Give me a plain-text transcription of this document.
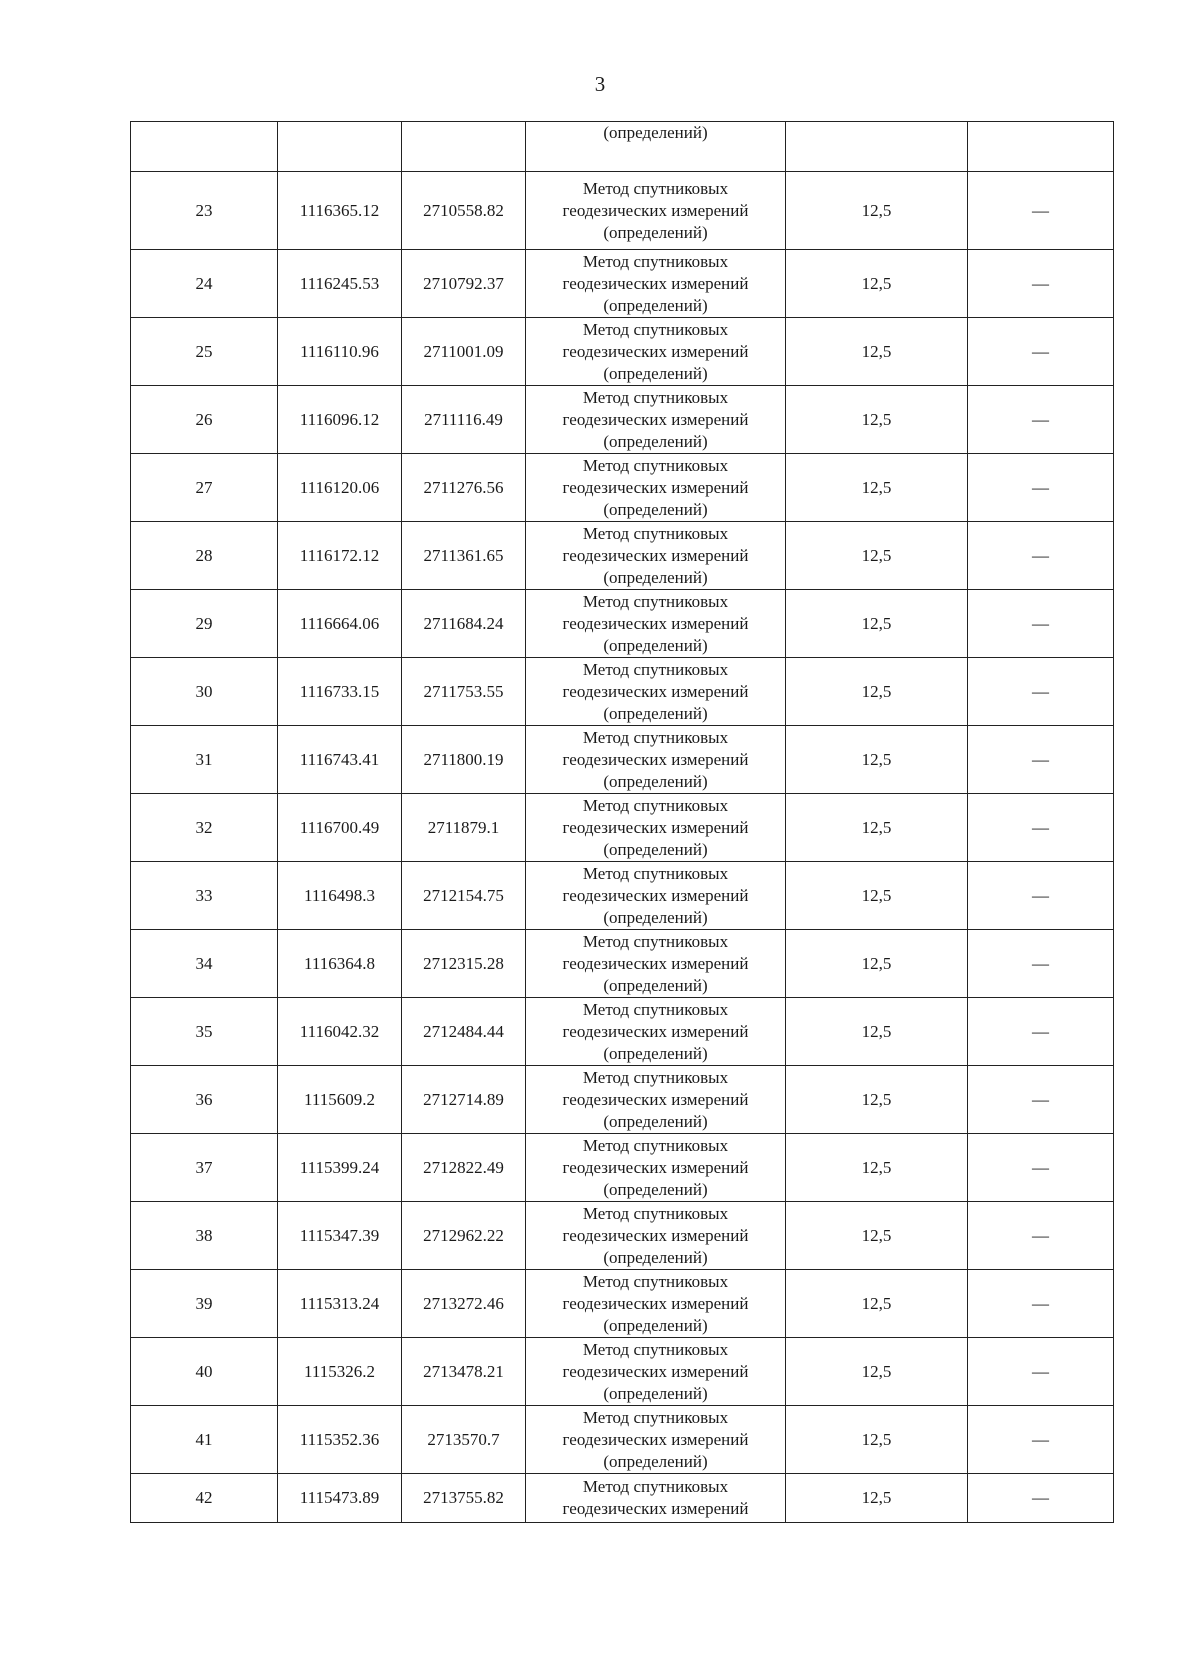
3
			(определений)		
23	1116365.12	2710558.82	Метод спутниковых
геодезических измерений
(определений)	12,5	—
24	1116245.53	2710792.37	Метод спутниковых
геодезических измерений
(определений)	12,5	—
25	1116110.96	2711001.09	Метод спутниковых
геодезических измерений
(определений)	12,5	—
26	1116096.12	2711116.49	Метод спутниковых
геодезических измерений
(определений)	12,5	—
27	1116120.06	2711276.56	Метод спутниковых
геодезических измерений
(определений)	12,5	—
28	1116172.12	2711361.65	Метод спутниковых
геодезических измерений
(определений)	12,5	—
29	1116664.06	2711684.24	Метод спутниковых
геодезических измерений
(определений)	12,5	—
30	1116733.15	2711753.55	Метод спутниковых
геодезических измерений
(определений)	12,5	—
31	1116743.41	2711800.19	Метод спутниковых
геодезических измерений
(определений)	12,5	—
32	1116700.49	2711879.1	Метод спутниковых
геодезических измерений
(определений)	12,5	—
33	1116498.3	2712154.75	Метод спутниковых
геодезических измерений
(определений)	12,5	—
34	1116364.8	2712315.28	Метод спутниковых
геодезических измерений
(определений)	12,5	—
35	1116042.32	2712484.44	Метод спутниковых
геодезических измерений
(определений)	12,5	—
36	1115609.2	2712714.89	Метод спутниковых
геодезических измерений
(определений)	12,5	—
37	1115399.24	2712822.49	Метод спутниковых
геодезических измерений
(определений)	12,5	—
38	1115347.39	2712962.22	Метод спутниковых
геодезических измерений
(определений)	12,5	—
39	1115313.24	2713272.46	Метод спутниковых
геодезических измерений
(определений)	12,5	—
40	1115326.2	2713478.21	Метод спутниковых
геодезических измерений
(определений)	12,5	—
41	1115352.36	2713570.7	Метод спутниковых
геодезических измерений
(определений)	12,5	—
42	1115473.89	2713755.82	Метод спутниковых
геодезических измерений	12,5	—
